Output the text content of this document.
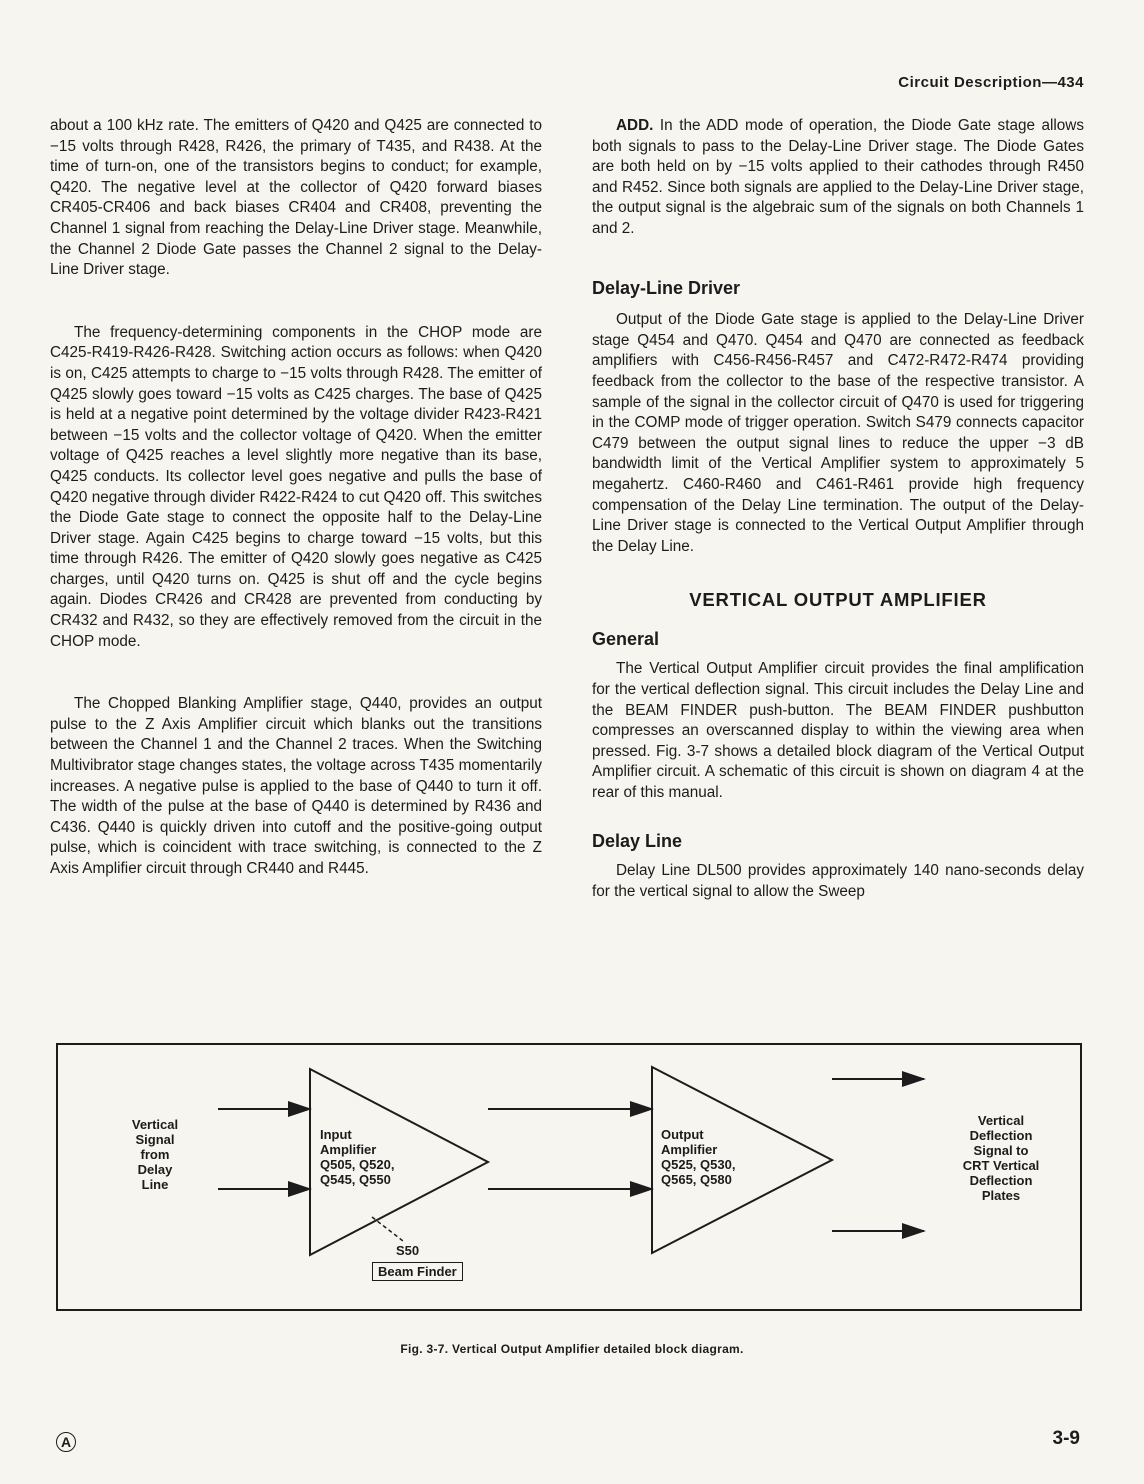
Circuit Description—434

about a 100 kHz rate. The emitters of Q420 and Q425 are connected to −15 volts through R428, R426, the primary of T435, and R438. At the time of turn-on, one of the transistors begins to conduct; for example, Q420. The negative level at the collector of Q420 forward biases CR405-CR406 and back biases CR404 and CR408, preventing the Channel 1 signal from reaching the Delay-Line Driver stage. Meanwhile, the Channel 2 Diode Gate passes the Channel 2 signal to the Delay-Line Driver stage.

The frequency-determining components in the CHOP mode are C425-R419-R426-R428. Switching action occurs as follows: when Q420 is on, C425 attempts to charge to −15 volts through R428. The emitter of Q425 slowly goes toward −15 volts as C425 charges. The base of Q425 is held at a negative point determined by the voltage divider R423-R421 between −15 volts and the collector voltage of Q420. When the emitter voltage of Q425 reaches a level slightly more negative than its base, Q425 conducts. Its collector level goes negative and pulls the base of Q420 negative through divider R422-R424 to cut Q420 off. This switches the Diode Gate stage to connect the opposite half to the Delay-Line Driver stage. Again C425 begins to charge toward −15 volts, but this time through R426. The emitter of Q420 slowly goes negative as C425 charges, until Q420 turns on. Q425 is shut off and the cycle begins again. Diodes CR426 and CR428 are prevented from conducting by CR432 and R432, so they are effectively removed from the circuit in the CHOP mode.

The Chopped Blanking Amplifier stage, Q440, provides an output pulse to the Z Axis Amplifier circuit which blanks out the transitions between the Channel 1 and the Channel 2 traces. When the Switching Multivibrator stage changes states, the voltage across T435 momentarily increases. A negative pulse is applied to the base of Q440 to turn it off. The width of the pulse at the base of Q440 is determined by R436 and C436. Q440 is quickly driven into cutoff and the positive-going output pulse, which is coincident with trace switching, is connected to the Z Axis Amplifier circuit through CR440 and R445.

ADD. In the ADD mode of operation, the Diode Gate stage allows both signals to pass to the Delay-Line Driver stage. The Diode Gates are both held on by −15 volts applied to their cathodes through R450 and R452. Since both signals are applied to the Delay-Line Driver stage, the output signal is the algebraic sum of the signals on both Channels 1 and 2.

Delay-Line Driver

Output of the Diode Gate stage is applied to the Delay-Line Driver stage Q454 and Q470. Q454 and Q470 are connected as feedback amplifiers with C456-R456-R457 and C472-R472-R474 providing feedback from the collector to the base of the respective transistor. A sample of the signal in the collector circuit of Q470 is used for triggering in the COMP mode of trigger operation. Switch S479 connects capacitor C479 between the output signal lines to reduce the upper −3 dB bandwidth limit of the Vertical Amplifier system to approximately 5 megahertz. C460-R460 and C461-R461 provide high frequency compensation of the Delay Line termination. The output of the Delay-Line Driver stage is connected to the Vertical Output Amplifier through the Delay Line.

VERTICAL OUTPUT AMPLIFIER
General

The Vertical Output Amplifier circuit provides the final amplification for the vertical deflection signal. This circuit includes the Delay Line and the BEAM FINDER push-button. The BEAM FINDER pushbutton compresses an overscanned display to within the viewing area when pressed. Fig. 3-7 shows a detailed block diagram of the Vertical Output Amplifier circuit. A schematic of this circuit is shown on diagram 4 at the rear of this manual.

Delay Line

Delay Line DL500 provides approximately 140 nano-seconds delay for the vertical signal to allow the Sweep

Vertical
Signal
from
Delay
Line
Input
Amplifier
Q505, Q520,
Q545, Q550
Output
Amplifier
Q525, Q530,
Q565, Q580
Vertical
Deflection
Signal to
CRT Vertical
Deflection
Plates
S50
Beam Finder
Fig. 3-7. Vertical Output Amplifier detailed block diagram.
A	3-9
